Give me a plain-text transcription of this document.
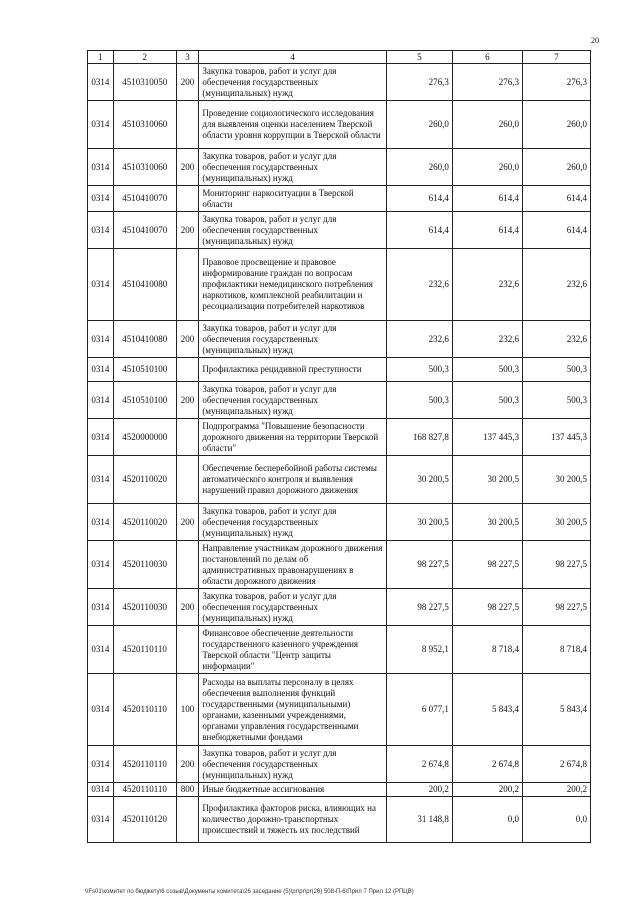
20
1	2	3	4	5	6	7
0314	4510310050	200	Закупка товаров, работ и услуг для обеспечения государственных (муниципальных) нужд	276,3	276,3	276,3
0314	4510310060		Проведение социологического исследования для выявления оценки населением Тверской области уровня коррупции в Тверской области	260,0	260,0	260,0
0314	4510310060	200	Закупка товаров, работ и услуг для обеспечения государственных (муниципальных) нужд	260,0	260,0	260,0
0314	4510410070		Мониторинг наркоситуации в Тверской области	614,4	614,4	614,4
0314	4510410070	200	Закупка товаров, работ и услуг для обеспечения государственных (муниципальных) нужд	614,4	614,4	614,4
0314	4510410080		Правовое просвещение и правовое информирование граждан по вопросам профилактики немедицинского потребления наркотиков, комплексной реабилитации и ресоциализации потребителей наркотиков	232,6	232,6	232,6
0314	4510410080	200	Закупка товаров, работ и услуг для обеспечения государственных (муниципальных) нужд	232,6	232,6	232,6
0314	4510510100		Профилактика рецидивной преступности	500,3	500,3	500,3
0314	4510510100	200	Закупка товаров, работ и услуг для обеспечения государственных (муниципальных) нужд	500,3	500,3	500,3
0314	4520000000		Подпрограмма "Повышение безопасности дорожного движения на территории Тверской области"	168 827,8	137 445,3	137 445,3
0314	4520110020		Обеспечение бесперебойной работы системы автоматического контроля и выявления нарушений правил дорожного движения	30 200,5	30 200,5	30 200,5
0314	4520110020	200	Закупка товаров, работ и услуг для обеспечения государственных (муниципальных) нужд	30 200,5	30 200,5	30 200,5
0314	4520110030		Направление участникам дорожного движения постановлений по делам об административных правонарушениях в области дорожного движения	98 227,5	98 227,5	98 227,5
0314	4520110030	200	Закупка товаров, работ и услуг для обеспечения государственных (муниципальных) нужд	98 227,5	98 227,5	98 227,5
0314	4520110110		Финансовое обеспечение деятельности государственного казенного учреждения Тверской области "Центр защиты информации"	8 952,1	8 718,4	8 718,4
0314	4520110110	100	Расходы на выплаты персоналу в целях обеспечения выполнения функций государственными (муниципальными) органами, казенными учреждениями, органами управления государственными внебюджетными фондами	6 077,1	5 843,4	5 843,4
0314	4520110110	200	Закупка товаров, работ и услуг для обеспечения государственных (муниципальных) нужд	2 674,8	2 674,8	2 674,8
0314	4520110110	800	Иные бюджетные ассигнования	200,2	200,2	200,2
0314	4520110120		Профилактика факторов риска, влияющих на количество дорожно-транспортных происшествий и тяжесть их последствий	31 148,8	0,0	0,0
\\Fs01\комитет по бюджету\6 созыв\Документы комитета\26 заседание (5)\pr\pr\pr(26) 508-П-6\Прил 7 Прил 12 (РПЦВ)
